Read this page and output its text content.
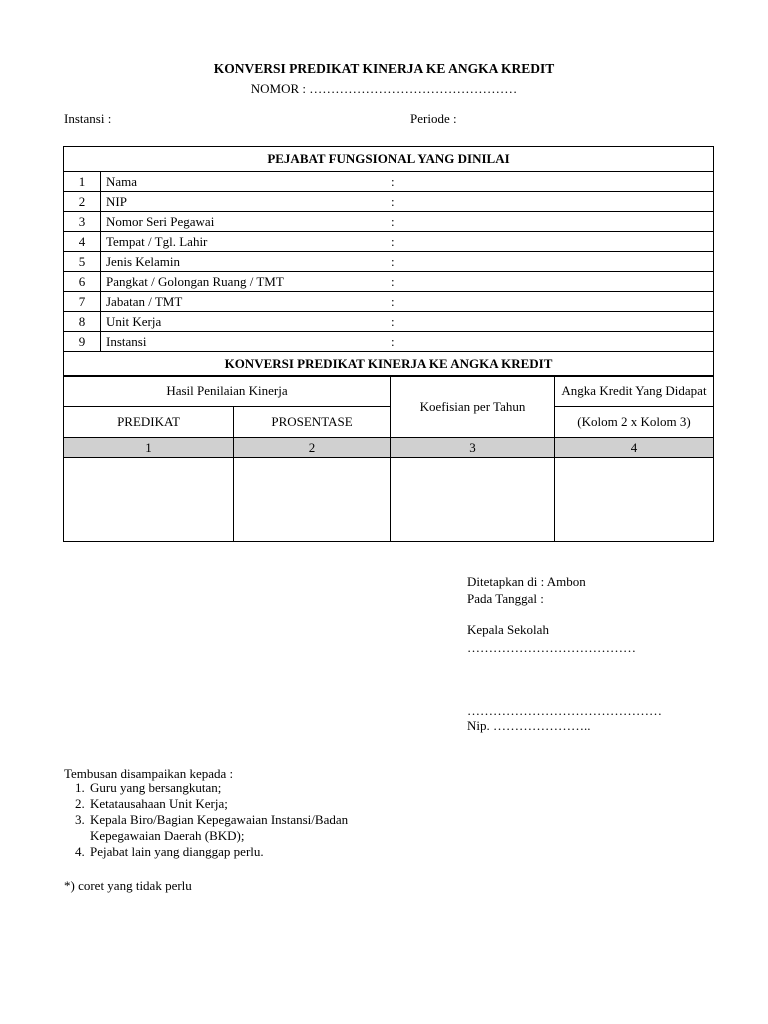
KONVERSI PREDIKAT KINERJA KE ANGKA KREDIT
NOMOR : …………………………………………
Instansi :	Periode :
PEJABAT FUNGSIONAL YANG DINILAI	
1	Nama :

2	NIP :

3	Nomor Seri Pegawai :

4	Tempat / Tgl. Lahir :

5	Jenis Kelamin :

6	Pangkat / Golongan Ruang / TMT :

7	Jabatan / TMT :

8	Unit Kerja :

9	Instansi :

KONVERSI PREDIKAT KINERJA KE ANGKA KREDIT	
Hasil Penilaian Kinerja		Koefisian per Tahun	Angka Kredit Yang Didapat
PREDIKAT	PROSENTASE		(Kolom 2 x Kolom 3)
1	2	3	4

Ditetapkan di : Ambon
Pada Tanggal :
Kepala Sekolah
…………………………………
………………………………………
Nip. …………………..
Tembusan disampaikan kepada :
1. Guru yang bersangkutan;
2. Ketatausahaan Unit Kerja;
3. Kepala Biro/Bagian Kepegawaian Instansi/Badan Kepegawaian Daerah (BKD);
4. Pejabat lain yang dianggap perlu.
*) coret yang tidak perlu
